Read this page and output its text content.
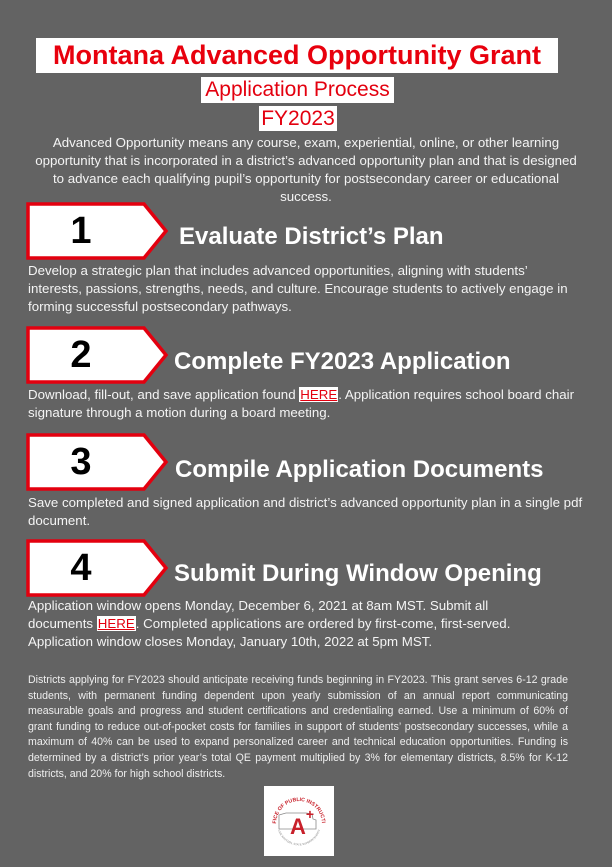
Montana Advanced Opportunity Grant
Application Process
FY2023
Advanced Opportunity means any course, exam, experiential, online, or other learning opportunity that is incorporated in a district’s advanced opportunity plan and that is designed to advance each qualifying pupil’s opportunity for postsecondary career or educational success.
1	Evaluate District’s Plan
Develop a strategic plan that includes advanced opportunities, aligning with students’ interests, passions, strengths, needs, and culture. Encourage students to actively engage in forming successful postsecondary pathways.
2	Complete FY2023 Application
Download, fill-out, and save application found HERE. Application requires school board chair signature through a motion during a board meeting.
3	Compile Application Documents
Save completed and signed application and district’s advanced opportunity plan in a single pdf document.
4	Submit During Window Opening
Application window opens Monday, December 6, 2021 at 8am MST. Submit all
documents HERE. Completed applications are ordered by first-come, first-served.
Application window closes Monday, January 10th, 2022 at 5pm MST.
Districts applying for FY2023 should anticipate receiving funds beginning in FY2023. This grant serves 6-12 grade students, with permanent funding dependent upon yearly submission of an annual report communicating measurable goals and progress and student certifications and credentialing earned. Use a minimum of 60% of grant funding to reduce out-of-pocket costs for families in support of students’ postsecondary successes, while a maximum of 40% can be used to expand personalized career and technical education opportunities. Funding is determined by a district’s prior year’s total QE payment multiplied by 3% for elementary districts, 8.5% for K-12 districts, and 20% for high school districts.
FICE OF PUBLIC INSTRUCTI
LSIE ARNTZEN, STATE SUPERINTENDEN
A +
